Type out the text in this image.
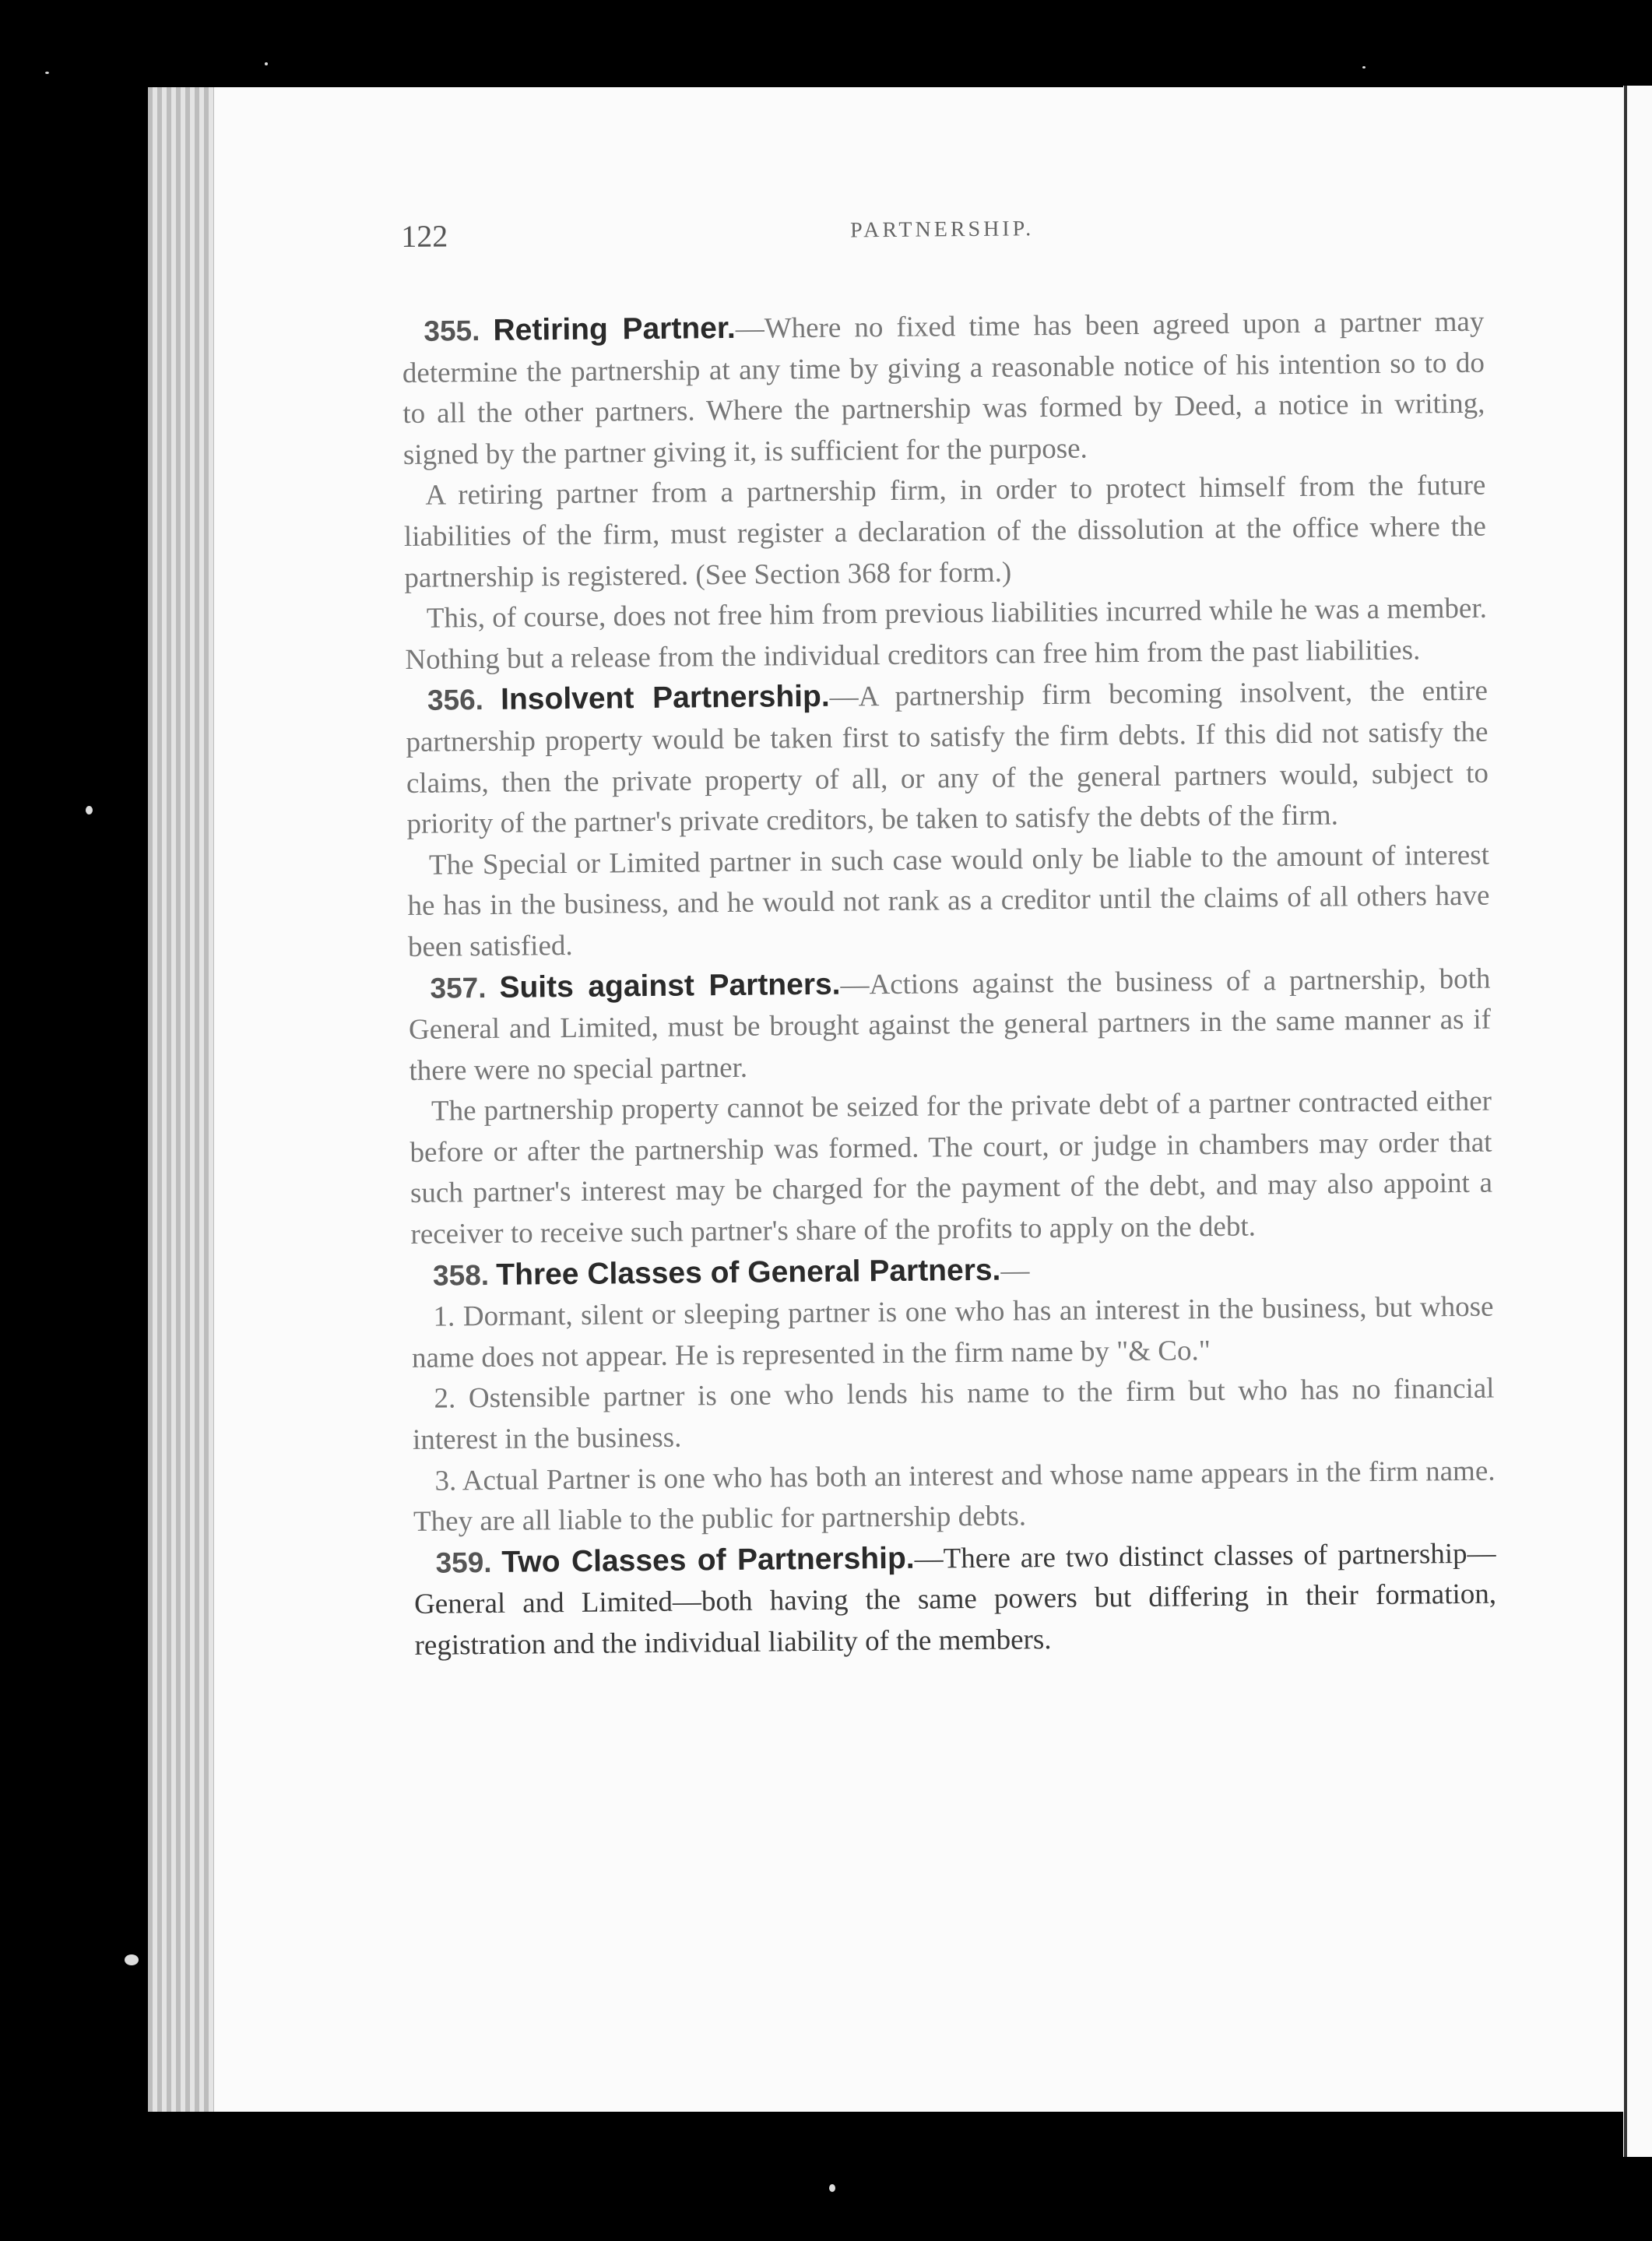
122	PARTNERSHIP.

355. Retiring Partner.—Where no fixed time has been agreed upon a partner may determine the partnership at any time by giving a reasonable notice of his intention so to do to all the other partners. Where the partnership was formed by Deed, a notice in writing, signed by the partner giving it, is sufficient for the purpose.

A retiring partner from a partnership firm, in order to protect himself from the future liabilities of the firm, must register a declaration of the dissolution at the office where the partnership is registered. (See Section 368 for form.)

This, of course, does not free him from previous liabilities incurred while he was a member. Nothing but a release from the individual creditors can free him from the past liabilities.

356. Insolvent Partnership.—A partnership firm becoming insolvent, the entire partnership property would be taken first to satisfy the firm debts. If this did not satisfy the claims, then the private property of all, or any of the general partners would, subject to priority of the partner's private creditors, be taken to satisfy the debts of the firm.

The Special or Limited partner in such case would only be liable to the amount of interest he has in the business, and he would not rank as a creditor until the claims of all others have been satisfied.

357. Suits against Partners.—Actions against the business of a partnership, both General and Limited, must be brought against the general partners in the same manner as if there were no special partner.

The partnership property cannot be seized for the private debt of a partner contracted either before or after the partnership was formed. The court, or judge in chambers may order that such partner's interest may be charged for the payment of the debt, and may also appoint a receiver to receive such partner's share of the profits to apply on the debt.

358. Three Classes of General Partners.—

1. Dormant, silent or sleeping partner is one who has an interest in the business, but whose name does not appear. He is represented in the firm name by "& Co."

2. Ostensible partner is one who lends his name to the firm but who has no financial interest in the business.

3. Actual Partner is one who has both an interest and whose name appears in the firm name. They are all liable to the public for partnership debts.

359. Two Classes of Partnership.—There are two distinct classes of partnership—General and Limited—both having the same powers but differing in their formation, registration and the individual liability of the members.
